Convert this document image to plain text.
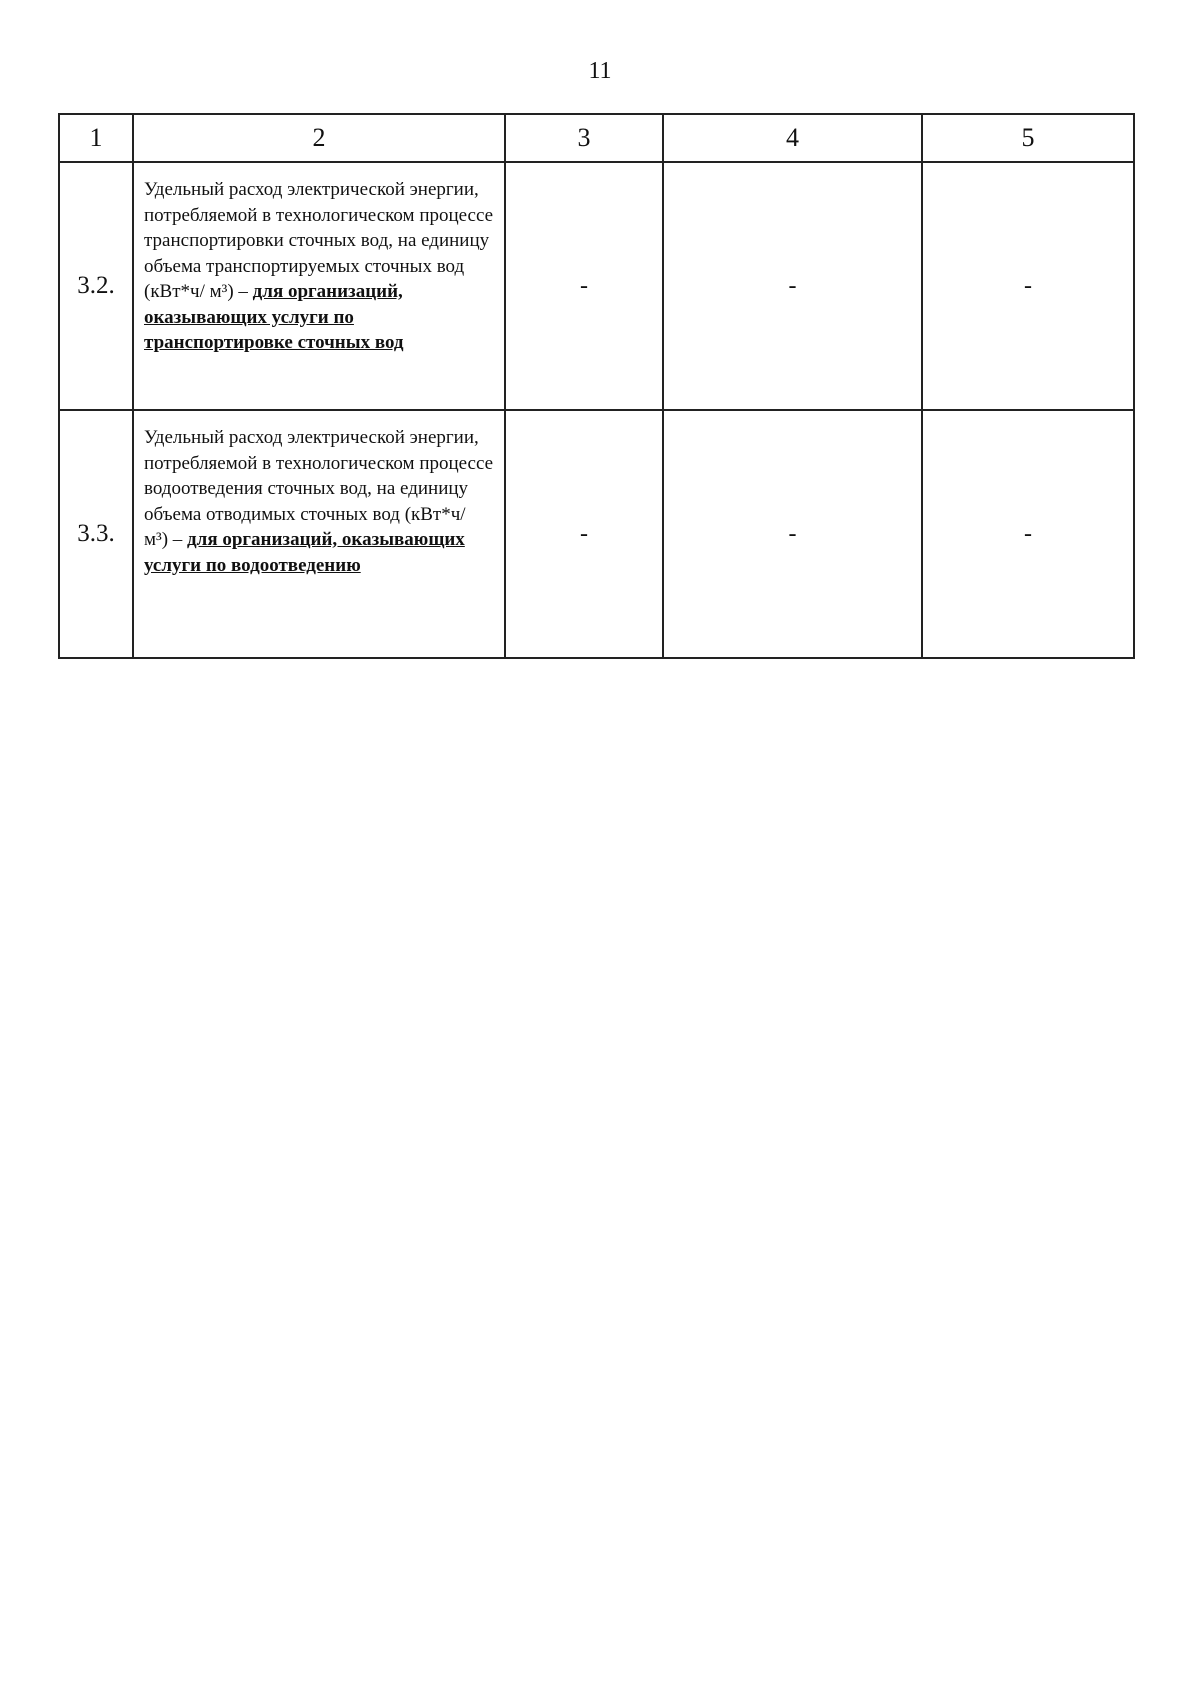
11
1	2	3	4	5
3.2.	Удельный расход электрической энергии, потребляемой в технологическом процессе транспортировки сточных вод, на единицу объема транспортируемых сточных вод (кВт*ч/ м³) – для организаций, оказывающих услуги по транспортировке сточных вод	-	-	-
3.3.	Удельный расход электрической энергии, потребляемой в технологическом процессе водоотведения сточных вод, на единицу объема отводимых сточных вод (кВт*ч/ м³) – для организаций, оказывающих услуги по водоотведению	-	-	-
